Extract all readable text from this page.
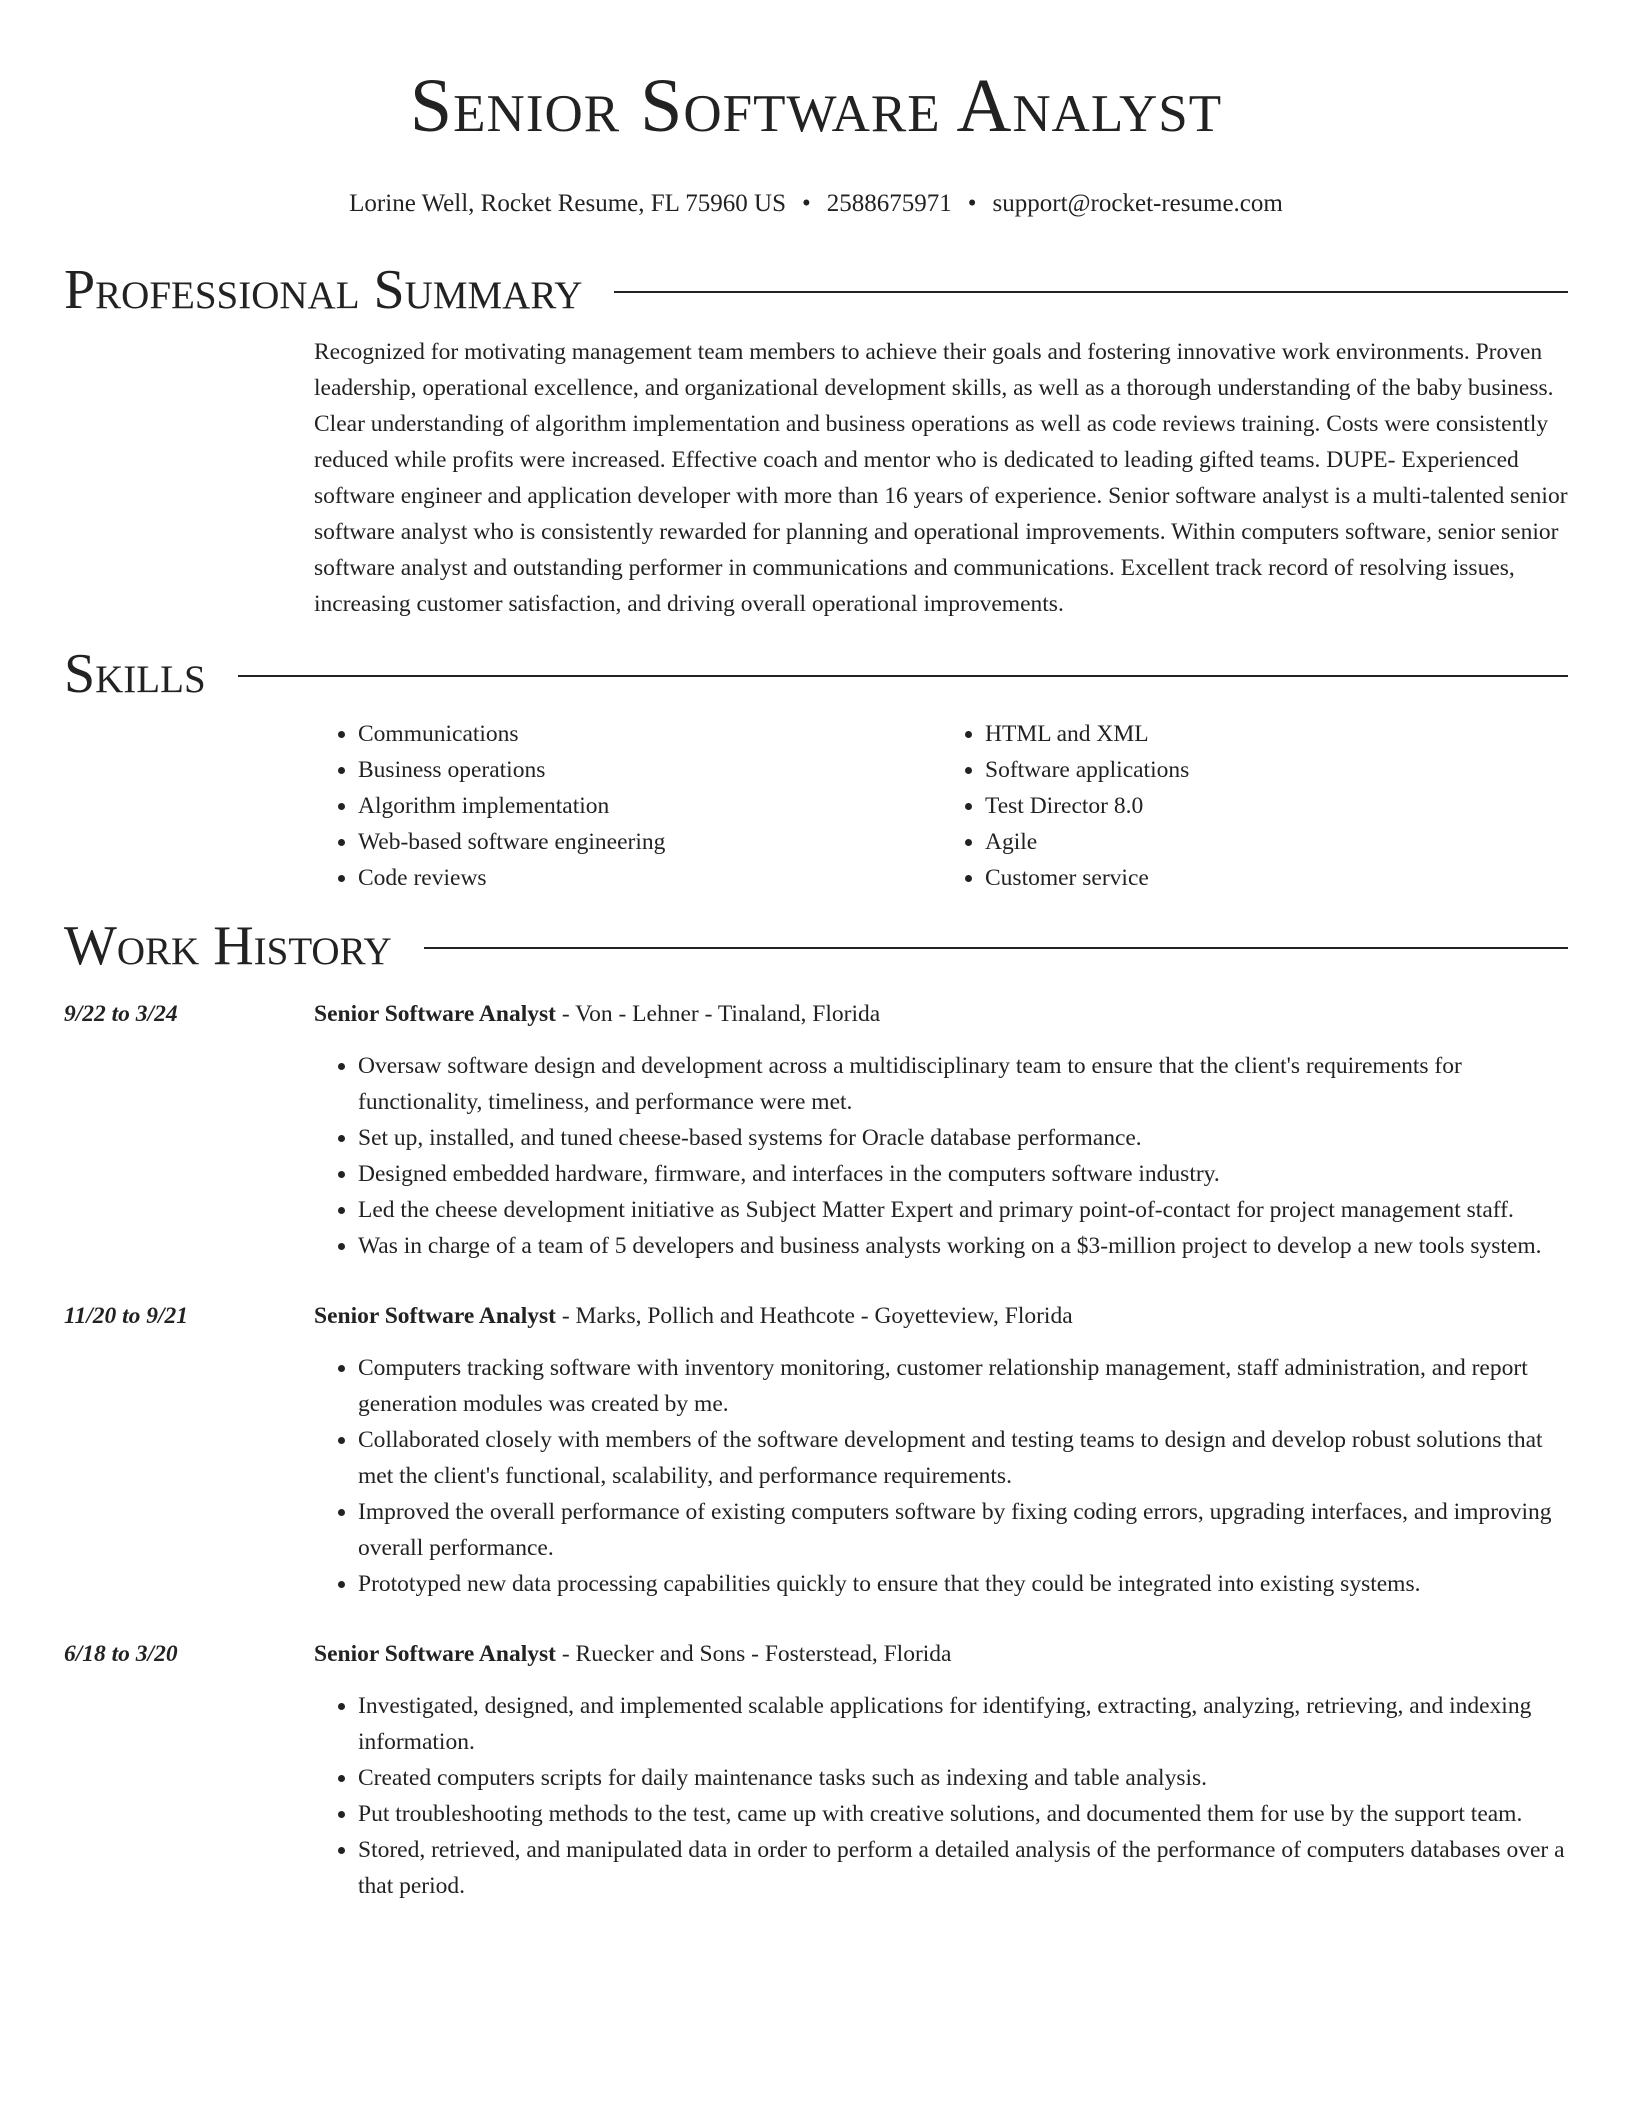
Senior Software Analyst
Lorine Well, Rocket Resume, FL 75960 US • 2588675971 • support@rocket-resume.com
Professional Summary
Recognized for motivating management team members to achieve their goals and fostering innovative work environments. Proven leadership, operational excellence, and organizational development skills, as well as a thorough understanding of the baby business. Clear understanding of algorithm implementation and business operations as well as code reviews training. Costs were consistently reduced while profits were increased. Effective coach and mentor who is dedicated to leading gifted teams. DUPE- Experienced software engineer and application developer with more than 16 years of experience. Senior software analyst is a multi-talented senior software analyst who is consistently rewarded for planning and operational improvements. Within computers software, senior senior software analyst and outstanding performer in communications and communications. Excellent track record of resolving issues, increasing customer satisfaction, and driving overall operational improvements.
Skills
• Communications
• Business operations
• Algorithm implementation
• Web-based software engineering
• Code reviews
• HTML and XML
• Software applications
• Test Director 8.0
• Agile
• Customer service
Work History
9/22 to 3/24	Senior Software Analyst - Von - Lehner - Tinaland, Florida
• Oversaw software design and development across a multidisciplinary team to ensure that the client's requirements for functionality, timeliness, and performance were met.
• Set up, installed, and tuned cheese-based systems for Oracle database performance.
• Designed embedded hardware, firmware, and interfaces in the computers software industry.
• Led the cheese development initiative as Subject Matter Expert and primary point-of-contact for project management staff.
• Was in charge of a team of 5 developers and business analysts working on a $3-million project to develop a new tools system.
11/20 to 9/21	Senior Software Analyst - Marks, Pollich and Heathcote - Goyetteview, Florida
• Computers tracking software with inventory monitoring, customer relationship management, staff administration, and report generation modules was created by me.
• Collaborated closely with members of the software development and testing teams to design and develop robust solutions that met the client's functional, scalability, and performance requirements.
• Improved the overall performance of existing computers software by fixing coding errors, upgrading interfaces, and improving overall performance.
• Prototyped new data processing capabilities quickly to ensure that they could be integrated into existing systems.
6/18 to 3/20	Senior Software Analyst - Ruecker and Sons - Fosterstead, Florida
• Investigated, designed, and implemented scalable applications for identifying, extracting, analyzing, retrieving, and indexing information.
• Created computers scripts for daily maintenance tasks such as indexing and table analysis.
• Put troubleshooting methods to the test, came up with creative solutions, and documented them for use by the support team.
• Stored, retrieved, and manipulated data in order to perform a detailed analysis of the performance of computers databases over a that period.
